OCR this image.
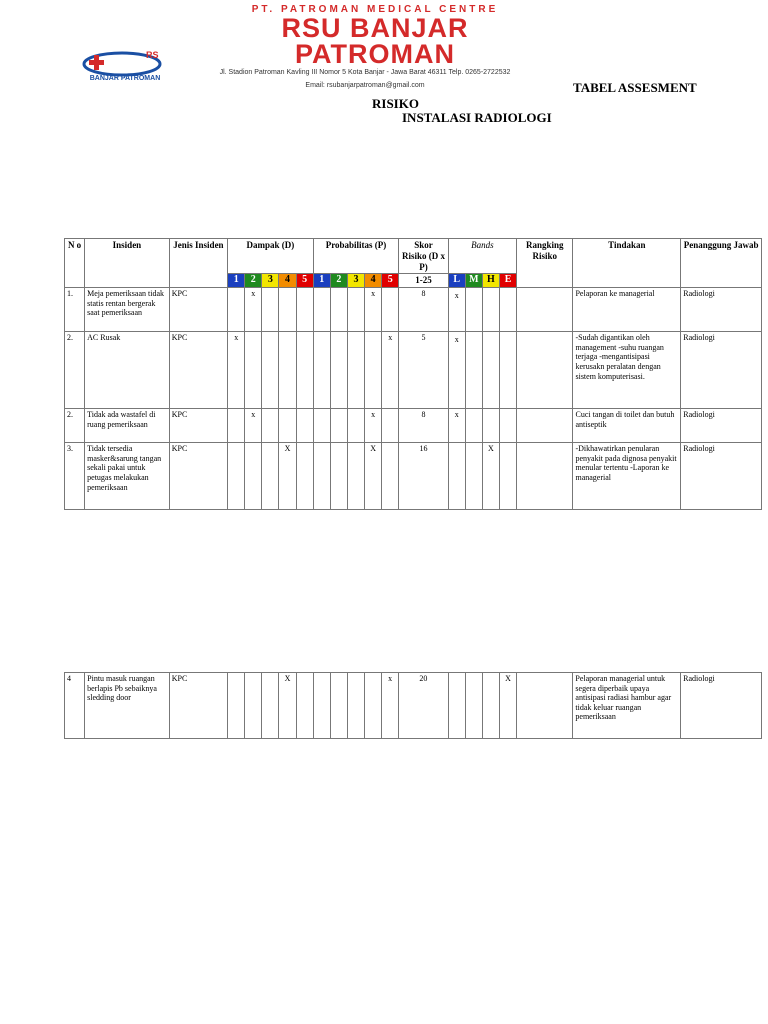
PT. PATROMAN MEDICAL CENTRE
RSU BANJAR
PATROMAN
Jl. Stadion Patroman Kavling III Nomor 5 Kota Banjar - Jawa Barat 46311 Telp. 0265-2722532
Email: rsubanjarpatroman@gmail.com
RS
BANJAR PATROMAN
TABEL ASSESMENT
RISIKO
INSTALASI RADIOLOGI
N o	Insiden	Jenis Insiden	Dampak (D)					Probabilitas (P)					Skor Risiko (D x P)	Bands				Rangking Risiko	Tindakan	Penanggung Jawab
			1	2	3	4	5	1	2	3	4	5	1-25	L	M	H	E			
1.	Meja pemeriksaan tidak statis rentan bergerak saat pemeriksaan	KPC		x							x		8	x					Pelaporan ke managerial	Radiologi
2.	AC Rusak	KPC	x									x	5	x					-Sudah digantikan oleh management -suhu ruangan terjaga -mengantisipasi kerusakn peralatan dengan sistem komputerisasi.	Radiologi
2.	Tidak ada wastafel di ruang pemeriksaan	KPC		x							x		8	x					Cuci tangan di toilet dan butuh antiseptik	Radiologi
3.	Tidak tersedia masker&sarung tangan sekali pakai untuk petugas melakukan pemeriksaan	KPC				X					X		16			X			-Dikhawatirkan penularan penyakit pada dignosa penyakit menular tertentu -Laporan ke managerial	Radiologi
4	Pintu masuk ruangan berlapis Pb sebaiknya sledding door	KPC				X						x	20				X		Pelaporan managerial untuk segera diperbaik upaya antisipasi radiasi hambur agar tidak keluar ruangan pemeriksaan	Radiologi
